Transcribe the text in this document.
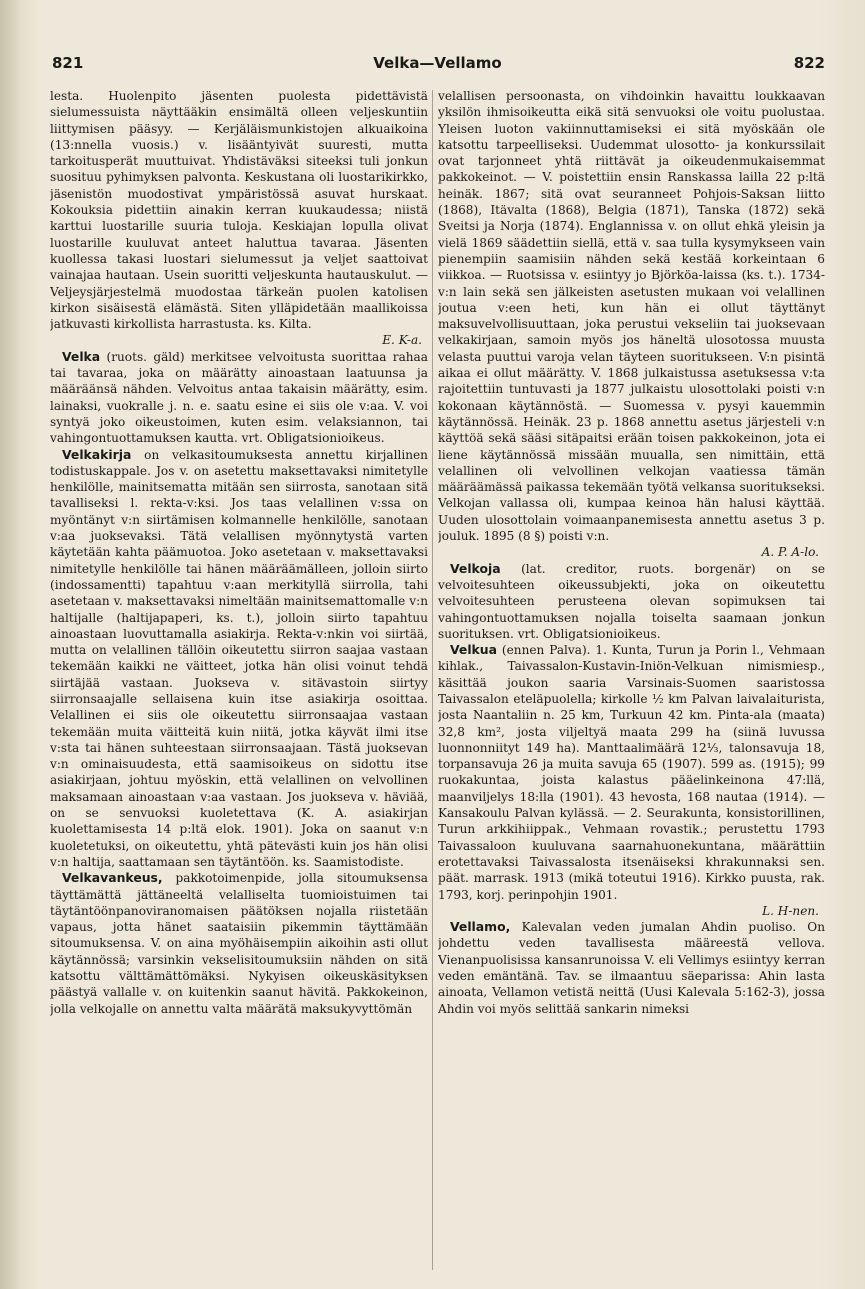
821	Velka—Vellamo	822

lesta. Huolenpito jäsenten puolesta pidettävistä sielumessuista näyttääkin ensimältä olleen veljeskuntiin liittymisen pääsyy. — Kerjäläismunkistojen alkuaikoina (13:nnella vuosis.) v. lisääntyivät suuresti, mutta tarkoitusperät muuttuivat. Yhdistäväksi siteeksi tuli jonkun suosituu pyhimyksen palvonta. Keskustana oli luostarikirkko, jäsenistön muodostivat ympäristössä asuvat hurskaat. Kokouksia pidettiin ainakin kerran kuukaudessa; niistä karttui luostarille suuria tuloja. Keskiajan lopulla olivat luostarille kuuluvat anteet haluttua tavaraa. Jäsenten kuollessa takasi luostari sielumessut ja veljet saattoivat vainajaa hautaan. Usein suoritti veljeskunta hautauskulut. — Veljeysjärjestelmä muodostaa tärkeän puolen katolisen kirkon sisäisestä elämästä. Siten ylläpidetään maallikoissa jatkuvasti kirkollista harrastusta. ks. Kilta.
E. K-a.

Velka (ruots. gäld) merkitsee velvoitusta suorittaa rahaa tai tavaraa, joka on määrätty ainoastaan laatuunsa ja määräänsä nähden. Velvoitus antaa takaisin määrätty, esim. lainaksi, vuokralle j. n. e. saatu esine ei siis ole v:aa. V. voi syntyä joko oikeustoimen, kuten esim. velaksiannon, tai vahingontuottamuksen kautta. vrt. Obligatsionioikeus.

Velkakirja on velkasitoumuksesta annettu kirjallinen todistuskappale. Jos v. on asetettu maksettavaksi nimitetylle henkilölle, mainitsematta mitään sen siirrosta, sanotaan sitä tavalliseksi l. rekta-v:ksi. Jos taas velallinen v:ssa on myöntänyt v:n siirtämisen kolmannelle henkilölle, sanotaan v:aa juoksevaksi. Tätä velallisen myönnytystä varten käytetään kahta päämuotoa. Joko asetetaan v. maksettavaksi nimitetylle henkilölle tai hänen määräämälleen, jolloin siirto (indossamentti) tapahtuu v:aan merkityllä siirrolla, tahi asetetaan v. maksettavaksi nimeltään mainitsemattomalle v:n haltijalle (haltijapaperi, ks. t.), jolloin siirto tapahtuu ainoastaan luovuttamalla asiakirja. Rekta-v:nkin voi siirtää, mutta on velallinen tällöin oikeutettu siirron saajaa vastaan tekemään kaikki ne väitteet, jotka hän olisi voinut tehdä siirtäjää vastaan. Juokseva v. sitävastoin siirtyy siirronsaajalle sellaisena kuin itse asiakirja osoittaa. Velallinen ei siis ole oikeutettu siirronsaajaa vastaan tekemään muita väitteitä kuin niitä, jotka käyvät ilmi itse v:sta tai hänen suhteestaan siirronsaajaan. Tästä juoksevan v:n ominaisuudesta, että saamisoikeus on sidottu itse asiakirjaan, johtuu myöskin, että velallinen on velvollinen maksamaan ainoastaan v:aa vastaan. Jos juokseva v. häviää, on se senvuoksi kuoletettava (K. A. asiakirjan kuolettamisesta 14 p:ltä elok. 1901). Joka on saanut v:n kuoletetuksi, on oikeutettu, yhtä pätevästi kuin jos hän olisi v:n haltija, saattamaan sen täytäntöön. ks. Saamistodiste.

Velkavankeus, pakkotoimenpide, jolla sitoumuksensa täyttämättä jättäneeltä velalliselta tuomioistuimen tai täytäntöönpanoviranomaisen päätöksen nojalla riistetään vapaus, jotta hänet saataisiin pikemmin täyttämään sitoumuksensa. V. on aina myöhäisempiin aikoihin asti ollut käytännössä; varsinkin vekselisitoumuksiin nähden on sitä katsottu välttämättömäksi. Nykyisen oikeuskäsityksen päästyä vallalle v. on kuitenkin saanut hävitä. Pakkokeinon, jolla velkojalle on annettu valta määrätä maksukyvyttömän

velallisen persoonasta, on vihdoinkin havaittu loukkaavan yksilön ihmisoikeutta eikä sitä senvuoksi ole voitu puolustaa. Yleisen luoton vakiinnuttamiseksi ei sitä myöskään ole katsottu tarpeelliseksi. Uudemmat ulosotto- ja konkurssilait ovat tarjonneet yhtä riittävät ja oikeudenmukaisemmat pakkokeinot. — V. poistettiin ensin Ranskassa lailla 22 p:ltä heinäk. 1867; sitä ovat seuranneet Pohjois-Saksan liitto (1868), Itävalta (1868), Belgia (1871), Tanska (1872) sekä Sveitsi ja Norja (1874). Englannissa v. on ollut ehkä yleisin ja vielä 1869 säädettiin siellä, että v. saa tulla kysymykseen vain pienempiin saamisiin nähden sekä kestää korkeintaan 6 viikkoa. — Ruotsissa v. esiintyy jo Björköa-laissa (ks. t.). 1734-v:n lain sekä sen jälkeisten asetusten mukaan voi velallinen joutua v:een heti, kun hän ei ollut täyttänyt maksuvelvollisuuttaan, joka perustui vekseliin tai juoksevaan velkakirjaan, samoin myös jos häneltä ulosotossa muusta velasta puuttui varoja velan täyteen suoritukseen. V:n pisintä aikaa ei ollut määrätty. V. 1868 julkaistussa asetuksessa v:ta rajoitettiin tuntuvasti ja 1877 julkaistu ulosottolaki poisti v:n kokonaan käytännöstä. — Suomessa v. pysyi kauemmin käytännössä. Heinäk. 23 p. 1868 annettu asetus järjesteli v:n käyttöä sekä sääsi sitäpaitsi erään toisen pakkokeinon, jota ei liene käytännössä missään muualla, sen nimittäin, että velallinen oli velvollinen velkojan vaatiessa tämän määräämässä paikassa tekemään työtä velkansa suoritukseksi. Velkojan vallassa oli, kumpaa keinoa hän halusi käyttää. Uuden ulosottolain voimaanpanemisesta annettu asetus 3 p. jouluk. 1895 (8 §) poisti v:n.
A. P. A-lo.

Velkoja (lat. creditor, ruots. borgenär) on se velvoitesuhteen oikeussubjekti, joka on oikeutettu velvoitesuhteen perusteena olevan sopimuksen tai vahingontuottamuksen nojalla toiselta saamaan jonkun suorituksen. vrt. Obligatsionioikeus.

Velkua (ennen Palva). 1. Kunta, Turun ja Porin l., Vehmaan kihlak., Taivassalon-Kustavin-Iniön-Velkuan nimismiesp., käsittää joukon saaria Varsinais-Suomen saaristossa Taivassalon eteläpuolella; kirkolle ½ km Palvan laivalaiturista, josta Naantaliin n. 25 km, Turkuun 42 km. Pinta-ala (maata) 32,8 km², josta viljeltyä maata 299 ha (siinä luvussa luonnonniityt 149 ha). Manttaalimäärä 12⅓, talonsavuja 18, torpansavuja 26 ja muita savuja 65 (1907). 599 as. (1915); 99 ruokakuntaa, joista kalastus pääelinkeinona 47:llä, maanviljelys 18:lla (1901). 43 hevosta, 168 nautaa (1914). — Kansakoulu Palvan kylässä. — 2. Seurakunta, konsistorillinen, Turun arkkihiippak., Vehmaan rovastik.; perustettu 1793 Taivassaloon kuuluvana saarnahuonekuntana, määrättiin erotettavaksi Taivassalosta itsenäiseksi khrakunnaksi sen. päät. marrask. 1913 (mikä toteutui 1916). Kirkko puusta, rak. 1793, korj. perinpohjin 1901.
L. H-nen.

Vellamo, Kalevalan veden jumalan Ahdin puoliso. On johdettu veden tavallisesta määreestä vellova. Vienanpuolisissa kansanrunoissa V. eli Vellimys esiintyy kerran veden emäntänä. Tav. se ilmaantuu säeparissa: Ahin lasta ainoata, Vellamon vetistä neittä (Uusi Kalevala 5:162-3), jossa Ahdin voi myös selittää sankarin nimeksi
